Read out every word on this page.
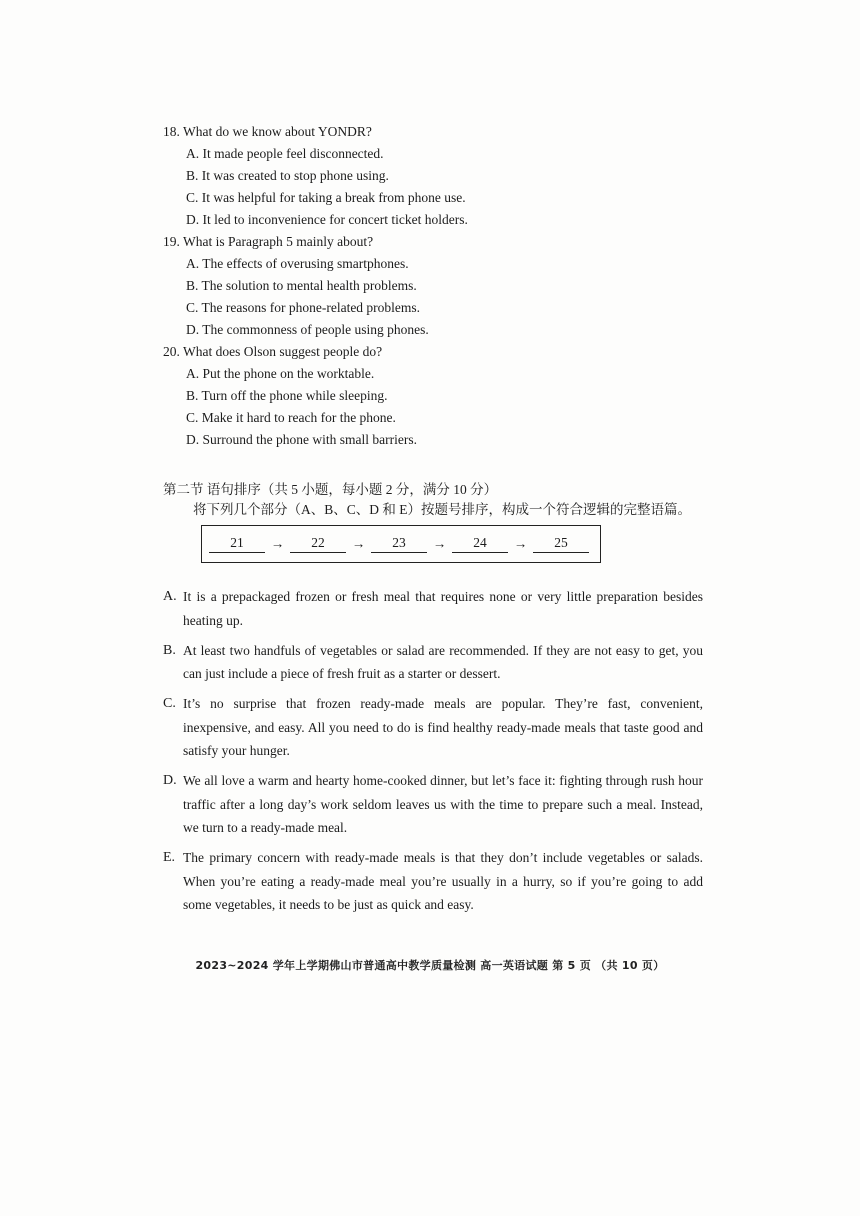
18. What do we know about YONDR?

A. It made people feel disconnected.

B. It was created to stop phone using.

C. It was helpful for taking a break from phone use.

D. It led to inconvenience for concert ticket holders.

19. What is Paragraph 5 mainly about?

A. The effects of overusing smartphones.

B. The solution to mental health problems.

C. The reasons for phone-related problems.

D. The commonness of people using phones.

20. What does Olson suggest people do?

A. Put the phone on the worktable.

B. Turn off the phone while sleeping.

C. Make it hard to reach for the phone.

D. Surround the phone with small barriers.

第二节 语句排序（共 5 小题，每小题 2 分，满分 10 分）

将下列几个部分（A、B、C、D 和 E）按题号排序，构成一个符合逻辑的完整语篇。

21	→	22	→	23	→	24	→	25

A. It is a prepackaged frozen or fresh meal that requires none or very little preparation besides heating up.

B. At least two handfuls of vegetables or salad are recommended. If they are not easy to get, you can just include a piece of fresh fruit as a starter or dessert.

C. It’s no surprise that frozen ready-made meals are popular. They’re fast, convenient, inexpensive, and easy. All you need to do is find healthy ready-made meals that taste good and satisfy your hunger.

D. We all love a warm and hearty home-cooked dinner, but let’s face it: fighting through rush hour traffic after a long day’s work seldom leaves us with the time to prepare such a meal. Instead, we turn to a ready-made meal.

E. The primary concern with ready-made meals is that they don’t include vegetables or salads. When you’re eating a ready-made meal you’re usually in a hurry, so if you’re going to add some vegetables, it needs to be just as quick and easy.

2023~2024 学年上学期佛山市普通高中教学质量检测 高一英语试题 第 5 页 （共 10 页）
